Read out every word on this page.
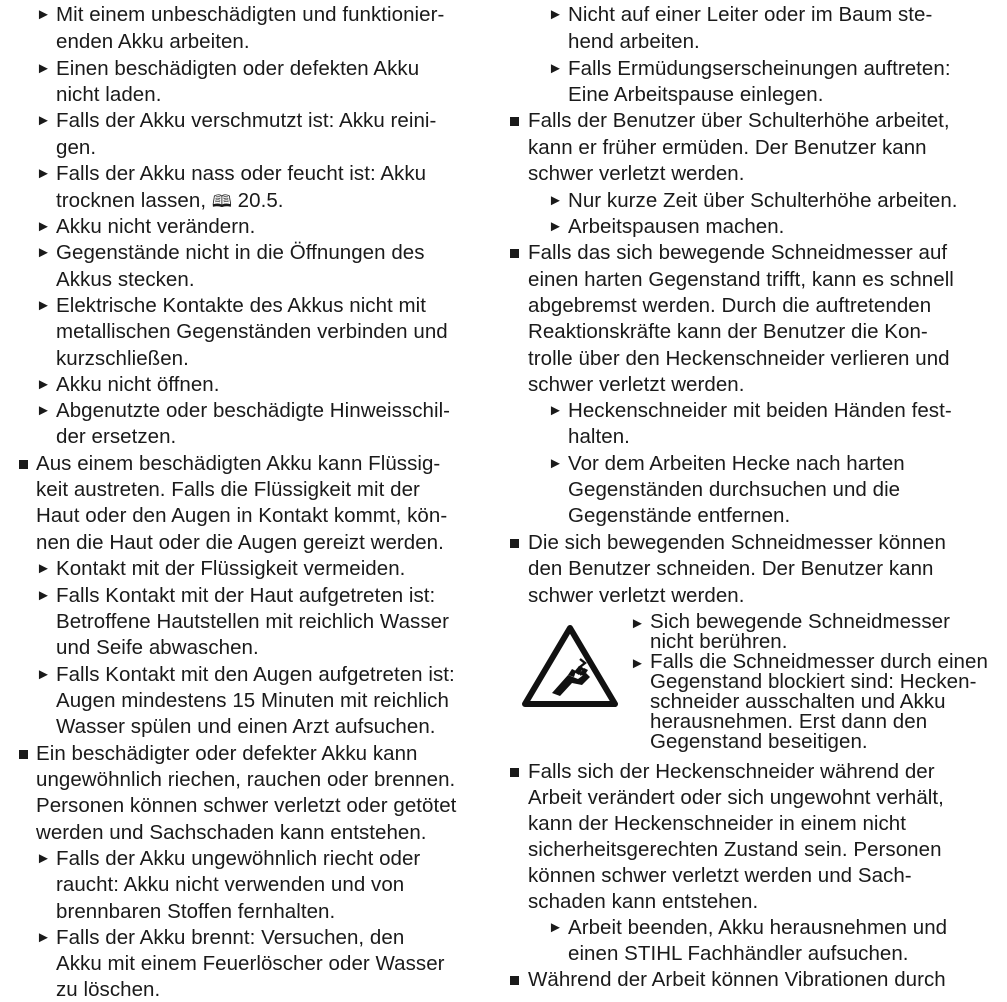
► Mit einem unbeschädigten und funktionier-
enden Akku arbeiten.
► Einen beschädigten oder defekten Akku
nicht laden.
► Falls der Akku verschmutzt ist: Akku reini-
gen.
► Falls der Akku nass oder feucht ist: Akku
trocknen lassen, 🕮 20.5.
► Akku nicht verändern.
► Gegenstände nicht in die Öffnungen des
Akkus stecken.
► Elektrische Kontakte des Akkus nicht mit
metallischen Gegenständen verbinden und
kurzschließen.
► Akku nicht öffnen.
► Abgenutzte oder beschädigte Hinweisschil-
der ersetzen.
Aus einem beschädigten Akku kann Flüssig-
keit austreten. Falls die Flüssigkeit mit der
Haut oder den Augen in Kontakt kommt, kön-
nen die Haut oder die Augen gereizt werden.
► Kontakt mit der Flüssigkeit vermeiden.
► Falls Kontakt mit der Haut aufgetreten ist:
Betroffene Hautstellen mit reichlich Wasser
und Seife abwaschen.
► Falls Kontakt mit den Augen aufgetreten ist:
Augen mindestens 15 Minuten mit reichlich
Wasser spülen und einen Arzt aufsuchen.
Ein beschädigter oder defekter Akku kann
ungewöhnlich riechen, rauchen oder brennen.
Personen können schwer verletzt oder getötet
werden und Sachschaden kann entstehen.
► Falls der Akku ungewöhnlich riecht oder
raucht: Akku nicht verwenden und von
brennbaren Stoffen fernhalten.
► Falls der Akku brennt: Versuchen, den
Akku mit einem Feuerlöscher oder Wasser
zu löschen.
► Nicht auf einer Leiter oder im Baum ste-
hend arbeiten.
► Falls Ermüdungserscheinungen auftreten:
Eine Arbeitspause einlegen.
Falls der Benutzer über Schulterhöhe arbeitet,
kann er früher ermüden. Der Benutzer kann
schwer verletzt werden.
► Nur kurze Zeit über Schulterhöhe arbeiten.
► Arbeitspausen machen.
Falls das sich bewegende Schneidmesser auf
einen harten Gegenstand trifft, kann es schnell
abgebremst werden. Durch die auftretenden
Reaktionskräfte kann der Benutzer die Kon-
trolle über den Heckenschneider verlieren und
schwer verletzt werden.
► Heckenschneider mit beiden Händen fest-
halten.
► Vor dem Arbeiten Hecke nach harten
Gegenständen durchsuchen und die
Gegenstände entfernen.
Die sich bewegenden Schneidmesser können
den Benutzer schneiden. Der Benutzer kann
schwer verletzt werden.
► Sich bewegende Schneidmesser
nicht berühren.
► Falls die Schneidmesser durch einen
Gegenstand blockiert sind: Hecken-
schneider ausschalten und Akku
herausnehmen. Erst dann den
Gegenstand beseitigen.
Falls sich der Heckenschneider während der
Arbeit verändert oder sich ungewohnt verhält,
kann der Heckenschneider in einem nicht
sicherheitsgerechten Zustand sein. Personen
können schwer verletzt werden und Sach-
schaden kann entstehen.
► Arbeit beenden, Akku herausnehmen und
einen STIHL Fachhändler aufsuchen.
Während der Arbeit können Vibrationen durch
